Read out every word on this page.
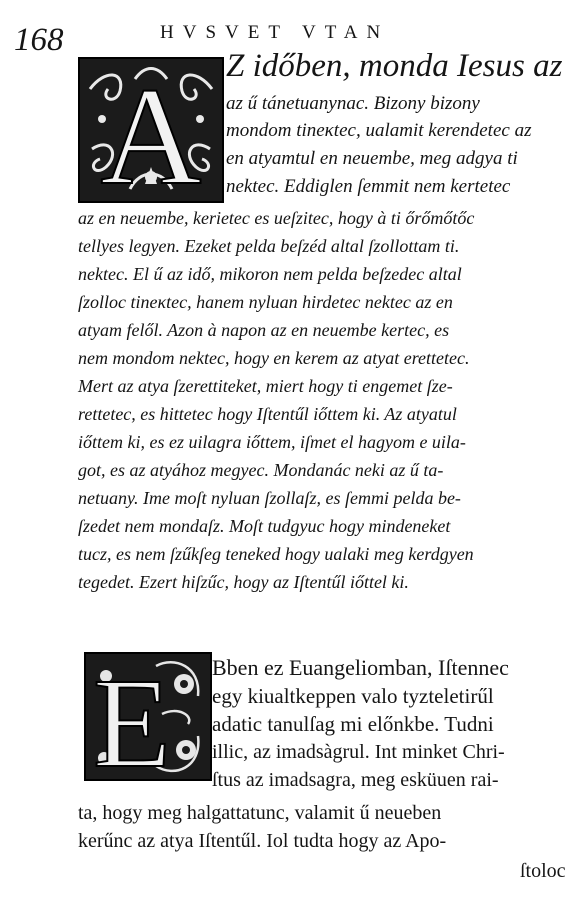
168	HVSVET VTAN
A Z időben, monda Iesus az
az ű tánetuanynac. Bizony bizony
mondom tineκtec, ualamit kerendetec az
en atyamtul en neuembe, meg adgya ti
nektec. Eddiglen ſemmit nem kertetec
az en neuembe, kerietec es ueſzitec, hogy à ti őrőmőtőc
tellyes legyen. Ezeket pelda beſzéd altal ſzollottam ti.
nektec. El ű az idő, mikoron nem pelda beſzedec altal
ſzolloc tineκtec, hanem nyluan hirdetec nektec az en
atyam felől. Azon à napon az en neuembe kertec, es
nem mondom nektec, hogy en kerem az atyat erettetec.
Mert az atya ſzerettiteket, miert hogy ti engemet ſze-
rettetec, es hittetec hogy Iſtentűl iőttem ki. Az atyatul
iőttem ki, es ez uilagra iőttem, iſmet el hagyom e uila-
got, es az atyához megyec. Mondanác neki az ű ta-
netuany. Ime moſt nyluan ſzollaſz, es ſemmi pelda be-
ſzedet nem mondaſz. Moſt tudgyuc hogy mindeneket
tucz, es nem ſzűkſeg teneked hogy ualaki meg kerdgyen
tegedet. Ezert hiſzűc, hogy az Iſtentűl iőttel ki.
E Bben ez Euangeliomban, Iſtennec
egy kiualtkeppen valo tyzteletirűl
adatic tanulſag mi előnkbe. Tudni
illic, az imadsàgrul. Int minket Chri-
ſtus az imadsagra, meg esküuen rai-
ta, hogy meg halgattatunc, valamit ű neueben
kerűnc az atya Iſtentűl. Iol tudta hogy az Apo-
ſtoloc
